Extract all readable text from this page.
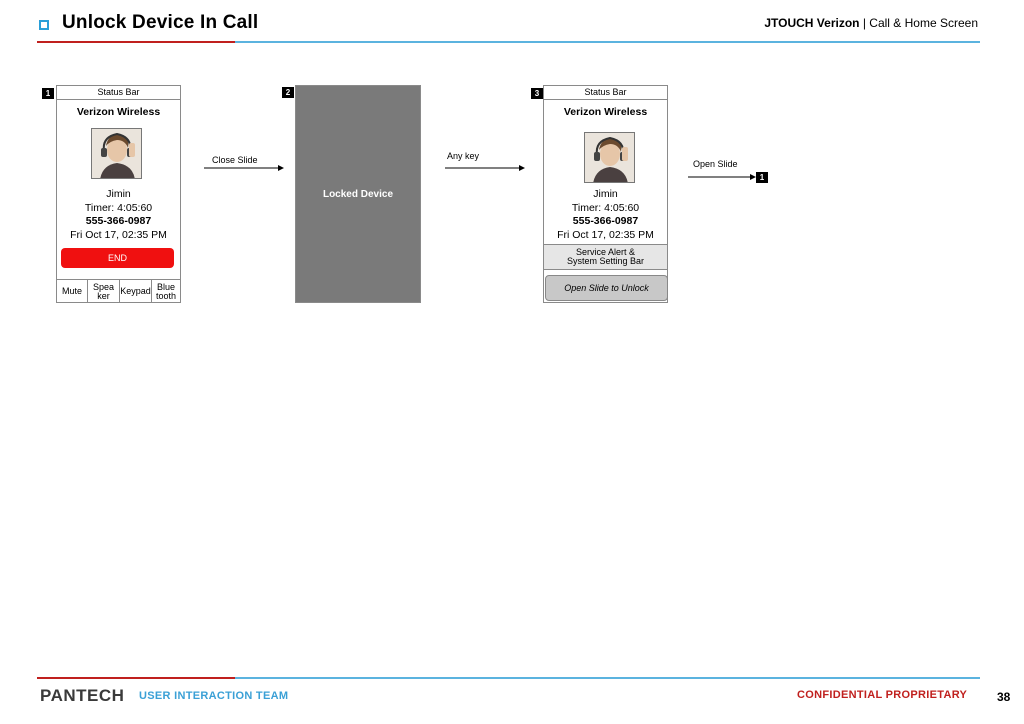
Unlock Device In Call	JTOUCH Verizon | Call & Home Screen
1	Status Bar
Verizon Wireless
Jimin
Timer: 4:05:60
555-366-0987
Fri Oct 17, 02:35 PM
END
Mute	Spea
ker	Keypad Blue
tooth
Close Slide
2
Locked Device
Any key
3	Status Bar
Verizon Wireless
Jimin
Timer: 4:05:60
555-366-0987
Fri Oct 17, 02:35 PM
Service Alert &
System Setting Bar
Open Slide to Unlock
Open Slide
1
PANTECH USER INTERACTION TEAM	CONFIDENTIAL PROPRIETARY 38
